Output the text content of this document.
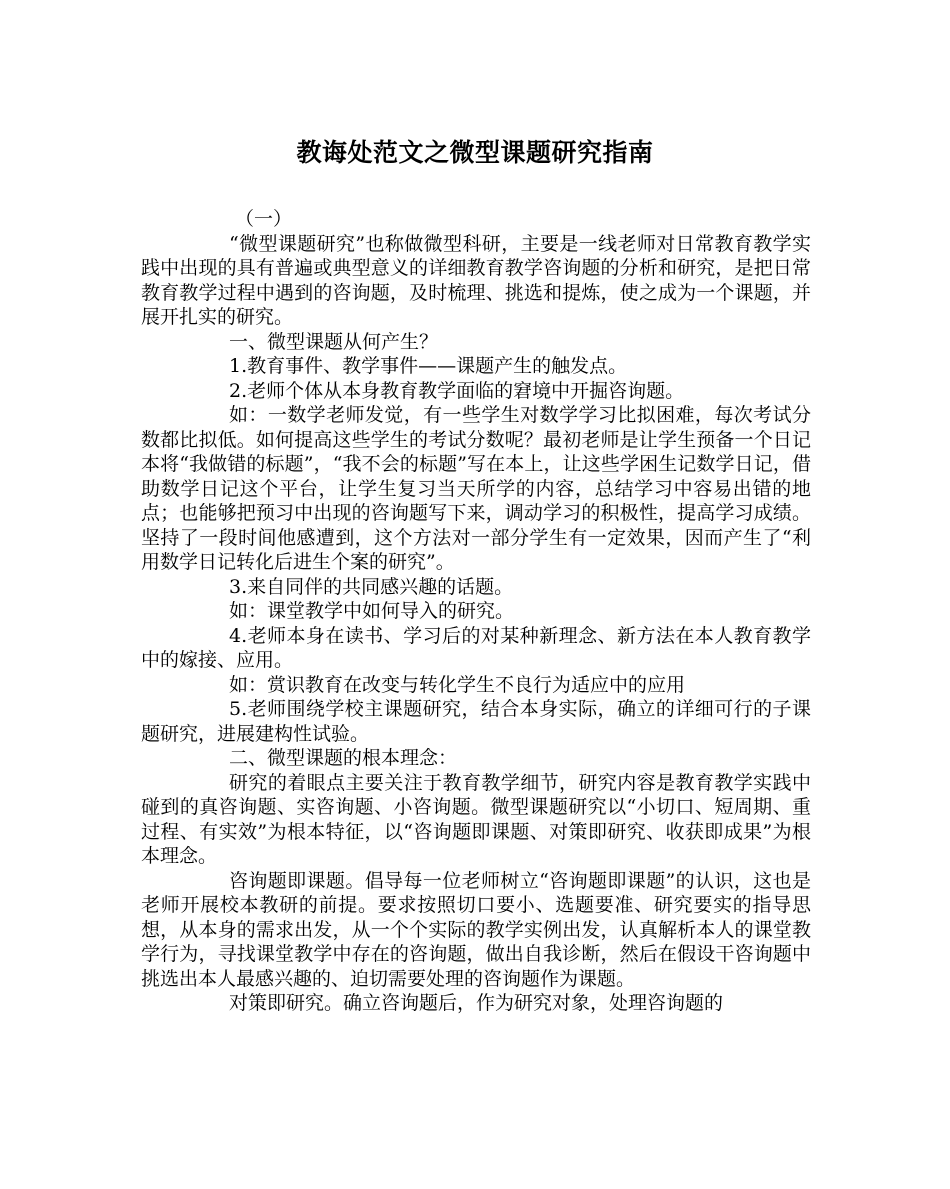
教诲处范文之微型课题研究指南

（一）

“微型课题研究”也称做微型科研，主要是一线老师对日常教育教学实践中出现的具有普遍或典型意义的详细教育教学咨询题的分析和研究，是把日常教育教学过程中遇到的咨询题，及时梳理、挑选和提炼，使之成为一个课题，并展开扎实的研究。

一、微型课题从何产生？

1.教育事件、教学事件——课题产生的触发点。

2.老师个体从本身教育教学面临的窘境中开掘咨询题。

如：一数学老师发觉，有一些学生对数学学习比拟困难，每次考试分数都比拟低。如何提高这些学生的考试分数呢？最初老师是让学生预备一个日记本将“我做错的标题”，“我不会的标题”写在本上，让这些学困生记数学日记，借助数学日记这个平台，让学生复习当天所学的内容，总结学习中容易出错的地点；也能够把预习中出现的咨询题写下来，调动学习的积极性，提高学习成绩。坚持了一段时间他感遭到，这个方法对一部分学生有一定效果，因而产生了“利用数学日记转化后进生个案的研究”。

3.来自同伴的共同感兴趣的话题。

如：课堂教学中如何导入的研究。

4.老师本身在读书、学习后的对某种新理念、新方法在本人教育教学中的嫁接、应用。

如：赏识教育在改变与转化学生不良行为适应中的应用

5.老师围绕学校主课题研究，结合本身实际，确立的详细可行的子课题研究，进展建构性试验。

二、微型课题的根本理念：

研究的着眼点主要关注于教育教学细节，研究内容是教育教学实践中碰到的真咨询题、实咨询题、小咨询题。微型课题研究以“小切口、短周期、重过程、有实效”为根本特征，以“咨询题即课题、对策即研究、收获即成果”为根本理念。

咨询题即课题。倡导每一位老师树立“咨询题即课题”的认识，这也是老师开展校本教研的前提。要求按照切口要小、选题要准、研究要实的指导思想，从本身的需求出发，从一个个实际的教学实例出发，认真解析本人的课堂教学行为，寻找课堂教学中存在的咨询题，做出自我诊断，然后在假设干咨询题中挑选出本人最感兴趣的、迫切需要处理的咨询题作为课题。

对策即研究。确立咨询题后，作为研究对象，处理咨询题的
